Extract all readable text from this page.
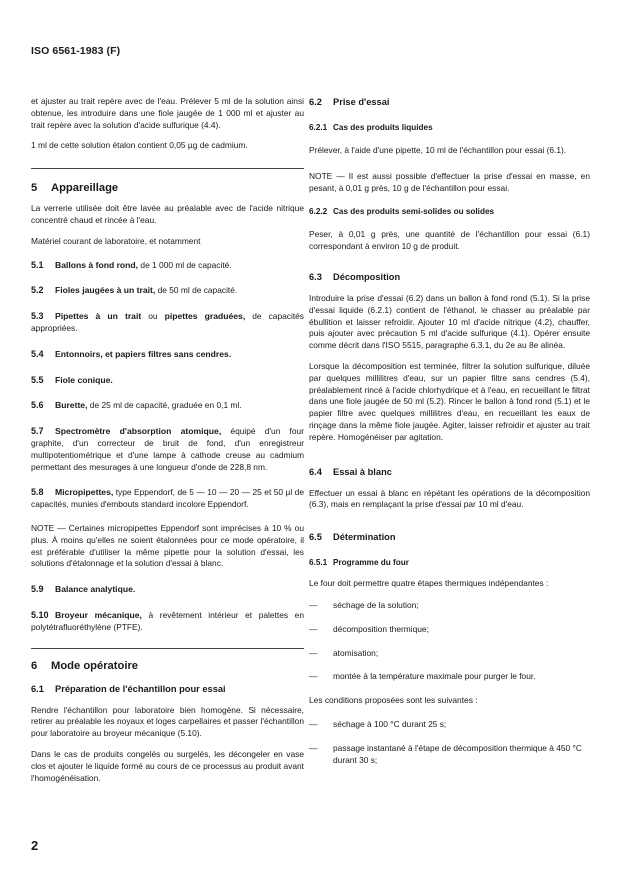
ISO 6561-1983 (F)

et ajuster au trait repère avec de l'eau. Prélever 5 ml de la solution ainsi obtenue, les introduire dans une fiole jaugée de 1 000 ml et ajuster au trait repère avec la solution d'acide sulfurique (4.4).

1 ml de cette solution étalon contient 0,05 µg de cadmium.

5 Appareillage

La verrerie utilisée doit être lavée au préalable avec de l'acide nitrique concentré chaud et rincée à l'eau.

Matériel courant de laboratoire, et notamment

5.1 Ballons à fond rond, de 1 000 ml de capacité.

5.2 Fioles jaugées à un trait, de 50 ml de capacité.

5.3 Pipettes à un trait ou pipettes graduées, de capacités appropriées.

5.4 Entonnoirs, et papiers filtres sans cendres.

5.5 Fiole conique.

5.6 Burette, de 25 ml de capacité, graduée en 0,1 ml.

5.7 Spectromètre d'absorption atomique, équipé d'un four graphite, d'un correcteur de bruit de fond, d'un enregistreur multipotentiométrique et d'une lampe à cathode creuse au cadmium permettant des mesurages à une longueur d'onde de 228,8 nm.

5.8 Micropipettes, type Eppendorf, de 5 — 10 — 20 — 25 et 50 µl de capacités, munies d'embouts standard incolore Eppendorf.

NOTE — Certaines micropipettes Eppendorf sont imprécises à 10 % ou plus. À moins qu'elles ne soient étalonnées pour ce mode opératoire, il est préférable d'utiliser la même pipette pour la solution d'essai, les solutions d'étalonnage et la solution d'essai à blanc.

5.9 Balance analytique.

5.10 Broyeur mécanique, à revêtement intérieur et palettes en polytétrafluoréthylène (PTFE).

6 Mode opératoire
6.1 Préparation de l'échantillon pour essai

Rendre l'échantillon pour laboratoire bien homogène. Si nécessaire, retirer au préalable les noyaux et loges carpellaires et passer l'échantillon pour laboratoire au broyeur mécanique (5.10).

Dans le cas de produits congelés ou surgelés, les décongeler en vase clos et ajouter le liquide formé au cours de ce processus au produit avant l'homogénéisation.

6.2 Prise d'essai
6.2.1 Cas des produits liquides

Prélever, à l'aide d'une pipette, 10 ml de l'échantillon pour essai (6.1).

NOTE — Il est aussi possible d'effectuer la prise d'essai en masse, en pesant, à 0,01 g près, 10 g de l'échantillon pour essai.

6.2.2 Cas des produits semi-solides ou solides

Peser, à 0,01 g près, une quantité de l'échantillon pour essai (6.1) correspondant à environ 10 g de produit.

6.3 Décomposition

Introduire la prise d'essai (6.2) dans un ballon à fond rond (5.1). Si la prise d'essai liquide (6.2.1) contient de l'éthanol, le chasser au préalable par ébullition et laisser refroidir. Ajouter 10 ml d'acide nitrique (4.2), chauffer, puis ajouter avec précaution 5 ml d'acide sulfurique (4.1). Opérer ensuite comme décrit dans l'ISO 5515, paragraphe 6.3.1, du 2e au 8e alinéa.

Lorsque la décomposition est terminée, filtrer la solution sulfurique, diluée par quelques millilitres d'eau, sur un papier filtre sans cendres (5.4), préalablement rincé à l'acide chlorhydrique et à l'eau, en recueillant le filtrat dans une fiole jaugée de 50 ml (5.2). Rincer le ballon à fond rond (5.1) et le papier filtre avec quelques millilitres d'eau, en recueillant les eaux de rinçage dans la même fiole jaugée. Agiter, laisser refroidir et ajuster au trait repère. Homogénéiser par agitation.

6.4 Essai à blanc

Effectuer un essai à blanc en répétant les opérations de la décomposition (6.3), mais en remplaçant la prise d'essai par 10 ml d'eau.

6.5 Détermination
6.5.1 Programme du four

Le four doit permettre quatre étapes thermiques indépendantes :

—	séchage de la solution;
—	décomposition thermique;
—	atomisation;
—	montée à la température maximale pour purger le four.

Les conditions proposées sont les suivantes :

—	séchage à 100 °C durant 25 s;
—	passage instantané à l'étape de décomposition thermique à 450 °C durant 30 s;
2
